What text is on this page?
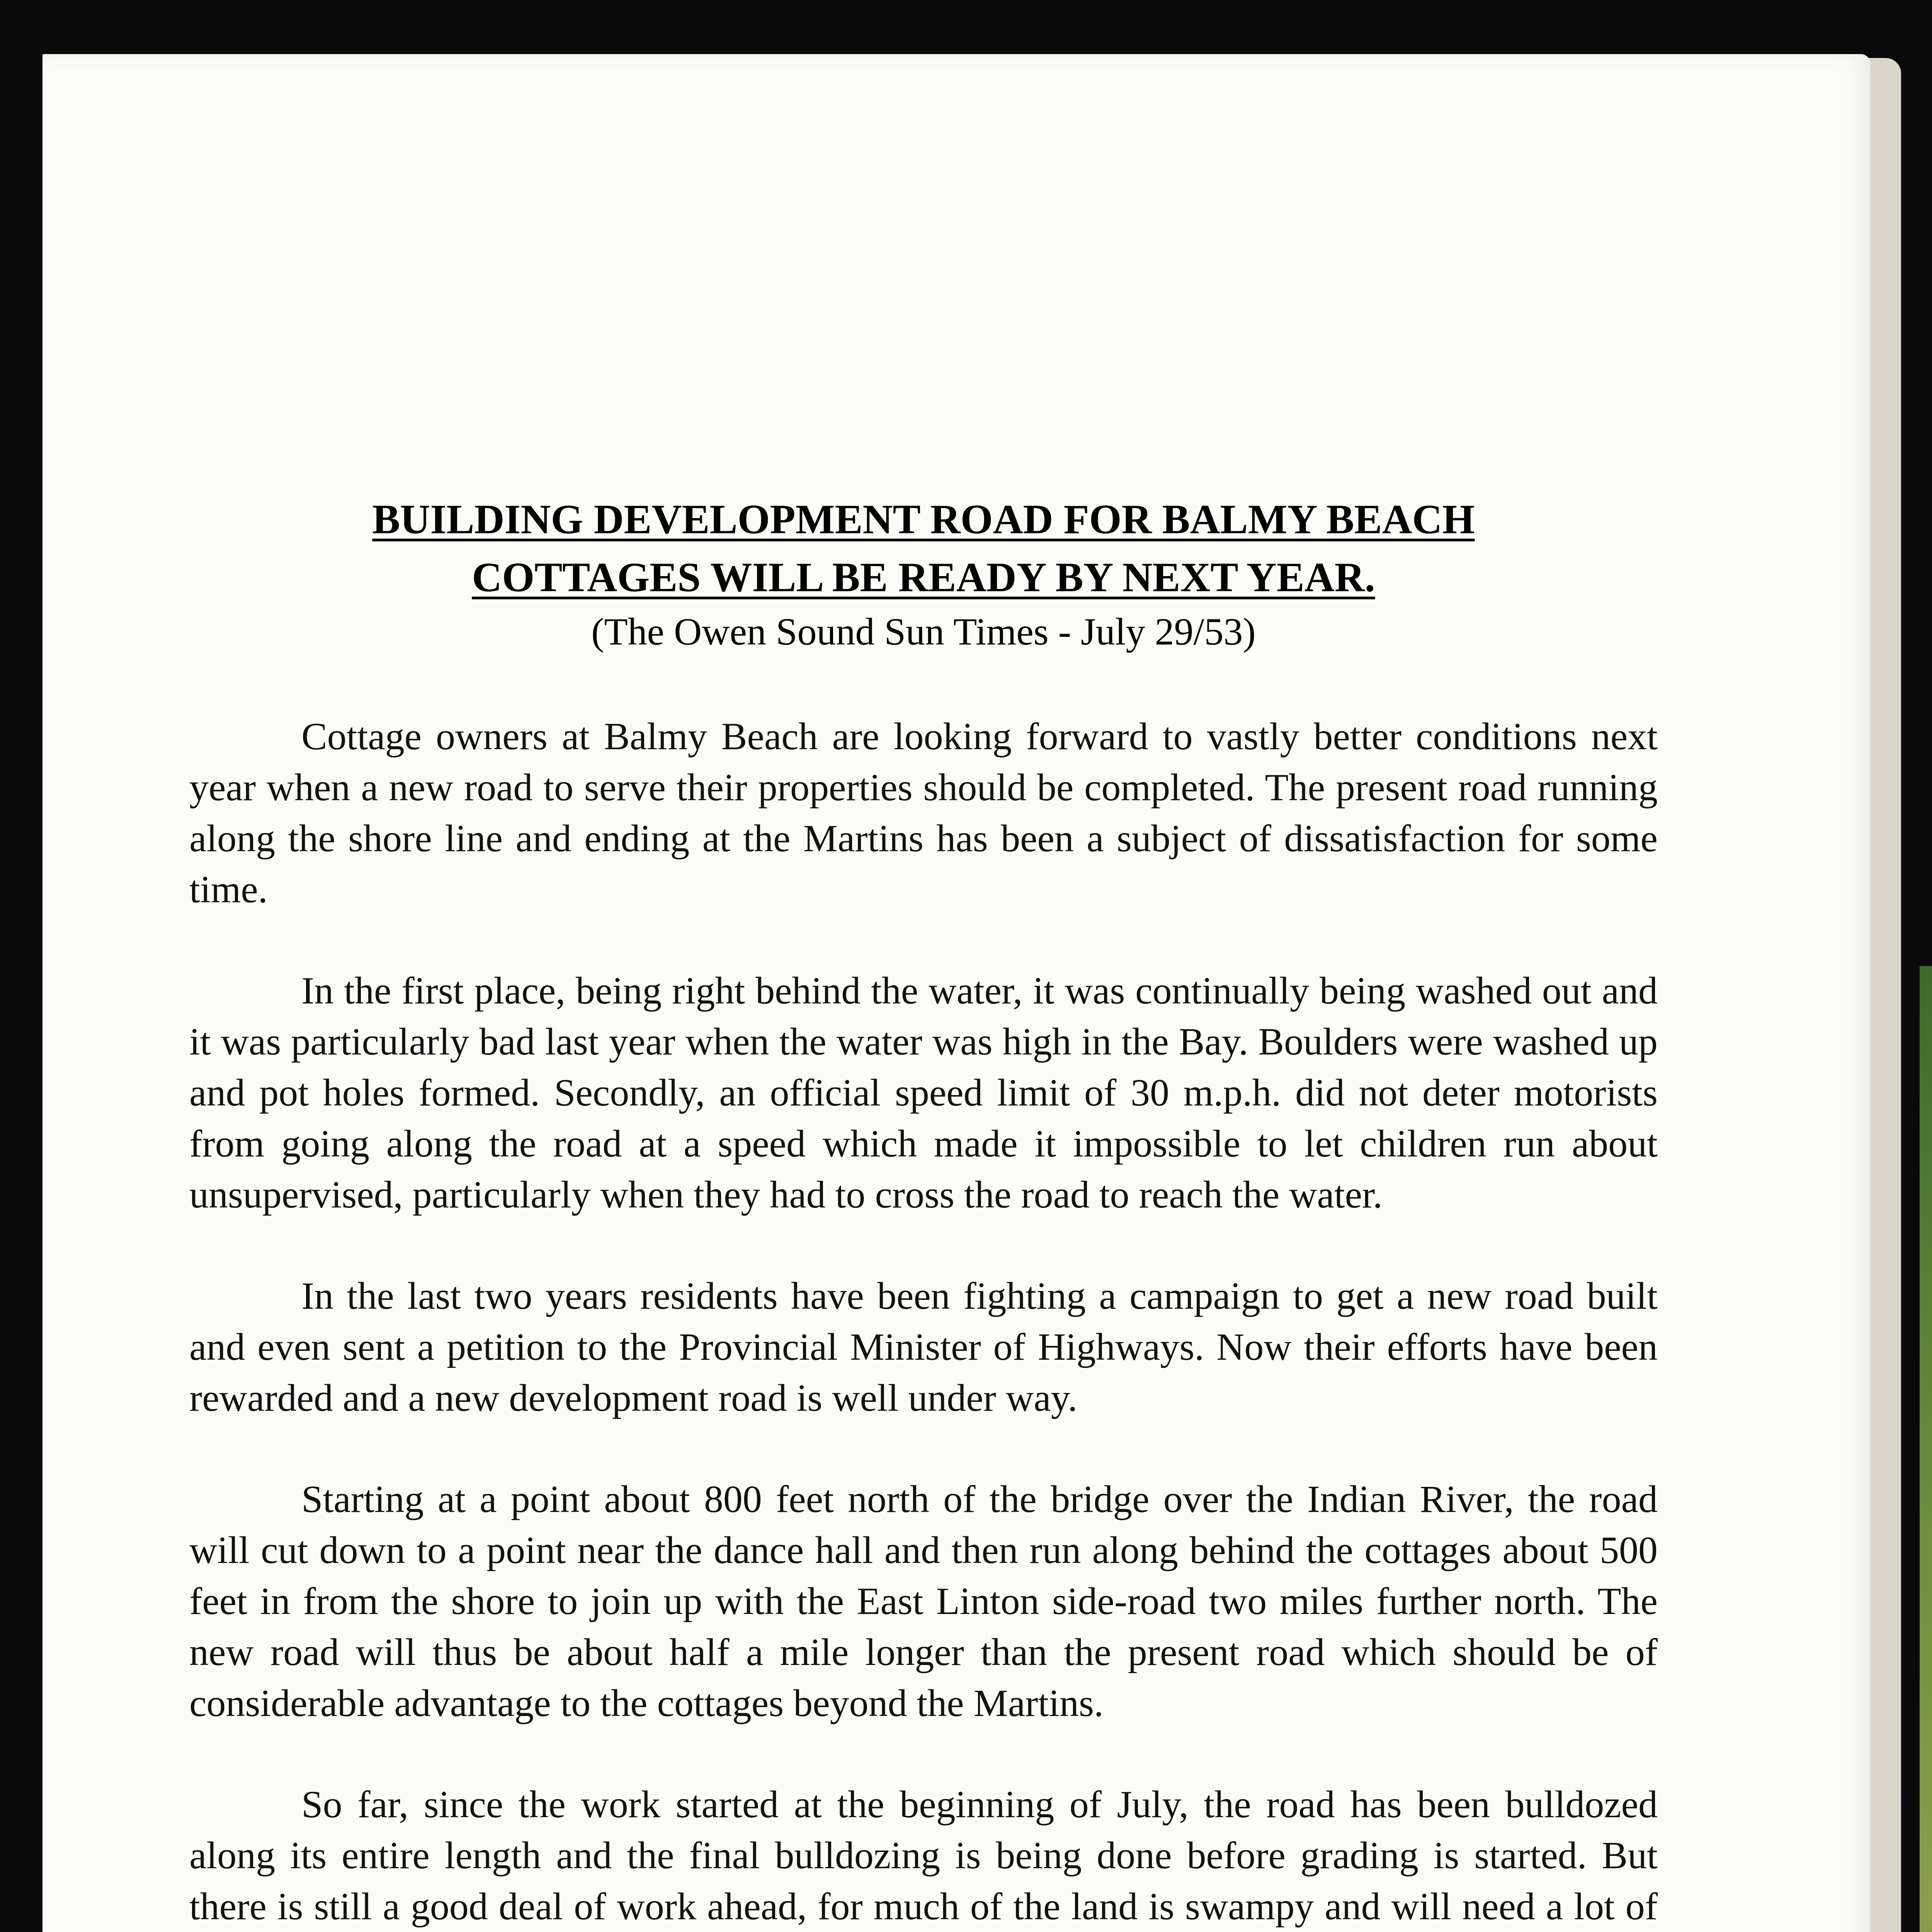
BUILDING DEVELOPMENT ROAD FOR BALMY BEACH
COTTAGES WILL BE READY BY NEXT YEAR.

(The Owen Sound Sun Times - July 29/53)

Cottage owners at Balmy Beach are looking forward to vastly better conditions next year when a new road to serve their properties should be completed. The present road running along the shore line and ending at the Martins has been a subject of dissatisfaction for some time.

In the first place, being right behind the water, it was continually being washed out and it was particularly bad last year when the water was high in the Bay. Boulders were washed up and pot holes formed. Secondly, an official speed limit of 30 m.p.h. did not deter motorists from going along the road at a speed which made it impossible to let children run about unsupervised, particularly when they had to cross the road to reach the water.

In the last two years residents have been fighting a campaign to get a new road built and even sent a petition to the Provincial Minister of Highways. Now their efforts have been rewarded and a new development road is well under way.

Starting at a point about 800 feet north of the bridge over the Indian River, the road will cut down to a point near the dance hall and then run along behind the cottages about 500 feet in from the shore to join up with the East Linton side-road two miles further north. The new road will thus be about half a mile longer than the present road which should be of considerable advantage to the cottages beyond the Martins.

So far, since the work started at the beginning of July, the road has been bulldozed along its entire length and the final bulldozing is being done before grading is started. But there is still a good deal of work ahead, for much of the land is swampy and will need a lot of
